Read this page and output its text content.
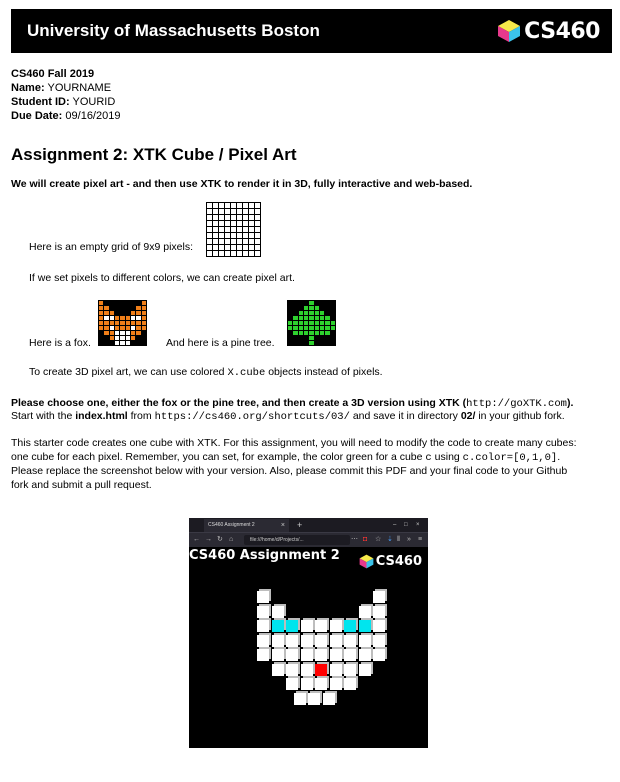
University of Massachusetts Boston	CS460
CS460 Fall 2019
Name: YOURNAME
Student ID: YOURID
Due Date: 09/16/2019
Assignment 2: XTK Cube / Pixel Art
We will create pixel art - and then use XTK to render it in 3D, fully interactive and web-based.
Here is an empty grid of 9x9 pixels:
If we set pixels to different colors, we can create pixel art.
Here is a fox.	And here is a pine tree.
To create 3D pixel art, we can use colored X.cube objects instead of pixels.
Please choose one, either the fox or the pine tree, and then create a 3D version using XTK (http://goXTK.com).
Start with the index.html from https://cs460.org/shortcuts/03/ and save it in directory 02/ in your github fork.
This starter code creates one cube with XTK. For this assignment, you will need to modify the code to create many cubes:
one cube for each pixel. Remember, you can set, for example, the color green for a cube c using c.color=[0,1,0].
Please replace the screenshot below with your version. Also, please commit this PDF and your final code to your Github
fork and submit a pull request.
CS460 Assignment 2	× +	– □ ×
← → ↻ ⌂	file:///home/d/Projects/...	⋯ ◘ ☆ ⇣ ⫴ » ≡
CS460 Assignment 2	CS460
